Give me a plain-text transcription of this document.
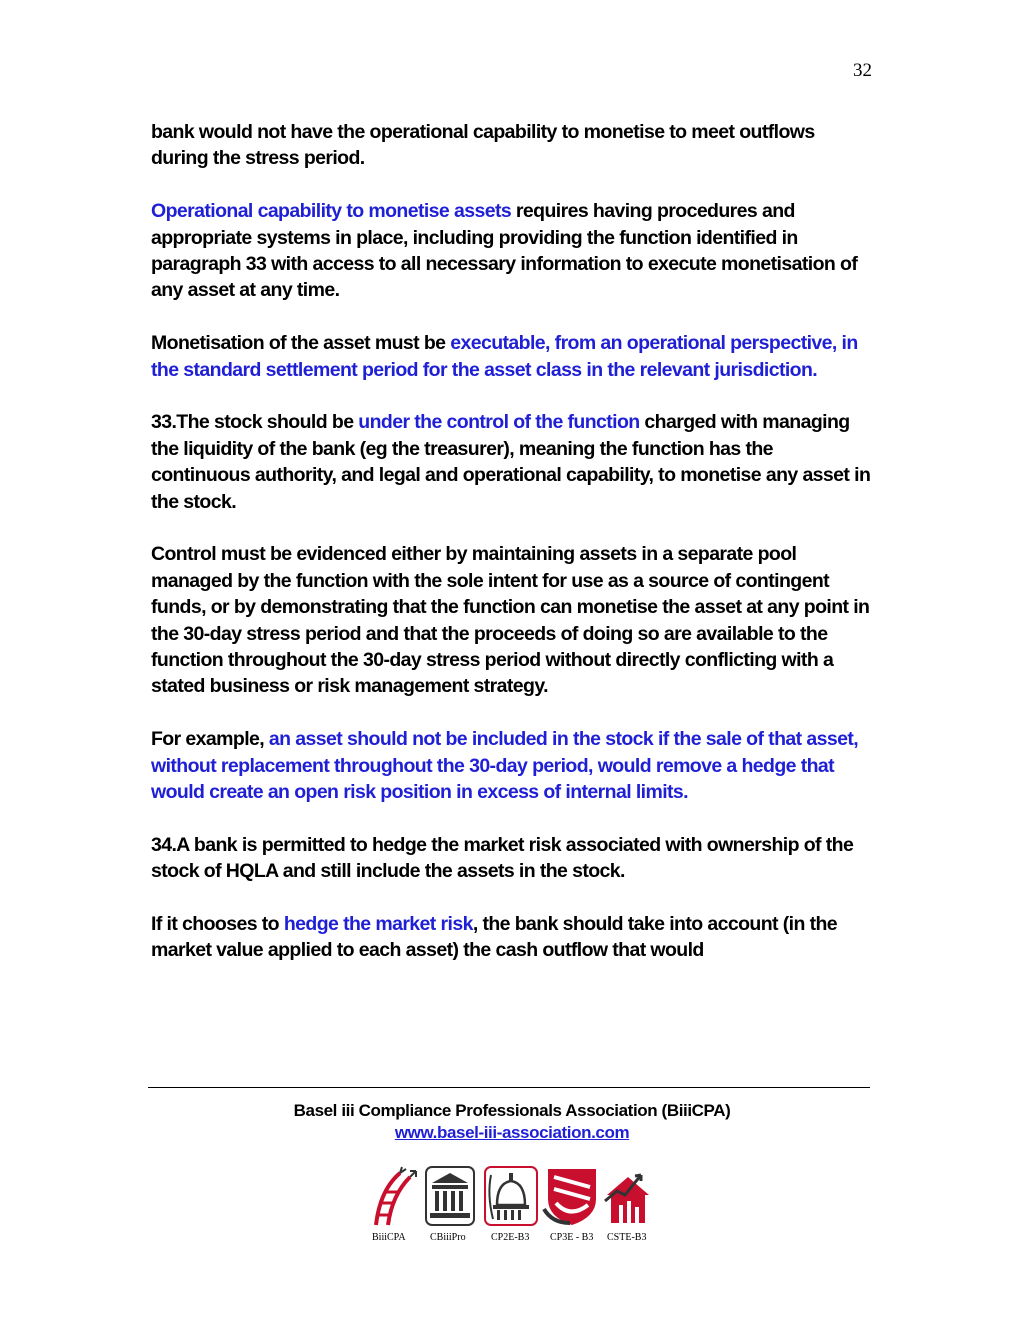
32

bank would not have the operational capability to monetise to meet outflows during the stress period.

Operational capability to monetise assets requires having procedures and appropriate systems in place, including providing the function identified in paragraph 33 with access to all necessary information to execute monetisation of any asset at any time.

Monetisation of the asset must be executable, from an operational perspective, in the standard settlement period for the asset class in the relevant jurisdiction.

33.The stock should be under the control of the function charged with managing the liquidity of the bank (eg the treasurer), meaning the function has the continuous authority, and legal and operational capability, to monetise any asset in the stock.

Control must be evidenced either by maintaining assets in a separate pool managed by the function with the sole intent for use as a source of contingent funds, or by demonstrating that the function can monetise the asset at any point in the 30-day stress period and that the proceeds of doing so are available to the function throughout the 30-day stress period without directly conflicting with a stated business or risk management strategy.

For example, an asset should not be included in the stock if the sale of that asset, without replacement throughout the 30-day period, would remove a hedge that would create an open risk position in excess of internal limits.

34.A bank is permitted to hedge the market risk associated with ownership of the stock of HQLA and still include the assets in the stock.

If it chooses to hedge the market risk, the bank should take into account (in the market value applied to each asset) the cash outflow that would

Basel iii Compliance Professionals Association (BiiiCPA)
www.basel-iii-association.com
BiiiCPA CBiiiPro	CP2E-B3 CP3E - B3 CSTE-B3
